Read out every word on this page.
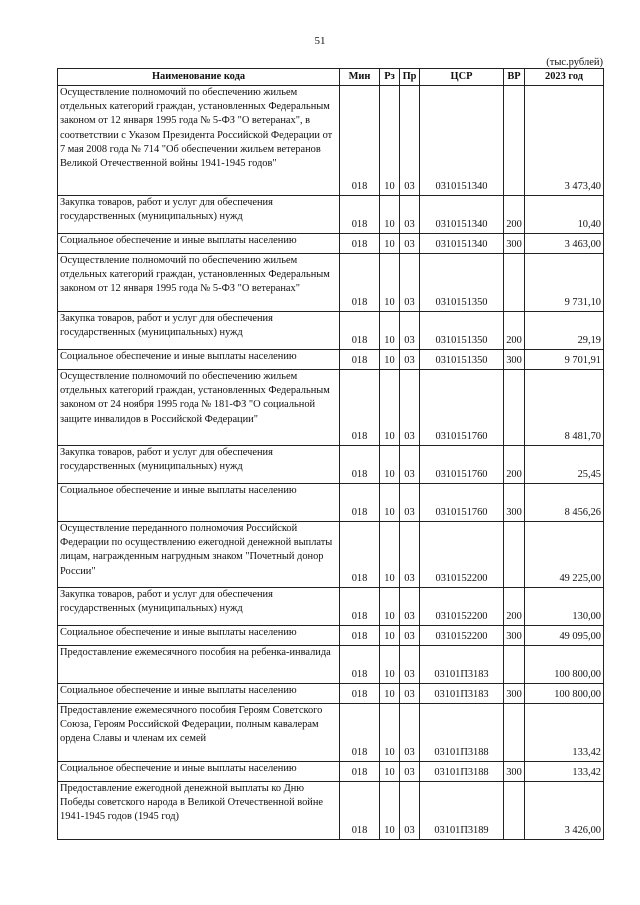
51
(тыс.рублей)
Наименование кода	Мин	Рз	Пр	ЦСР	ВР	2023 год
Осуществление полномочий по обеспечению жильем отдельных категорий граждан, установленных Федеральным законом от 12 января 1995 года № 5-ФЗ "О ветеранах", в соответствии с Указом Президента Российской Федерации от 7 мая 2008 года № 714 "Об обеспечении жильем ветеранов Великой Отечественной войны 1941-1945 годов"	018	10	03	0310151340		3 473,40
Закупка товаров, работ и услуг для обеспечения государственных (муниципальных) нужд	018	10	03	0310151340	200	10,40
Социальное обеспечение и иные выплаты населению	018	10	03	0310151340	300	3 463,00
Осуществление полномочий по обеспечению жильем отдельных категорий граждан, установленных Федеральным законом от 12 января 1995 года № 5-ФЗ "О ветеранах"	018	10	03	0310151350		9 731,10
Закупка товаров, работ и услуг для обеспечения государственных (муниципальных) нужд	018	10	03	0310151350	200	29,19
Социальное обеспечение и иные выплаты населению	018	10	03	0310151350	300	9 701,91
Осуществление полномочий по обеспечению жильем отдельных категорий граждан, установленных Федеральным законом от 24 ноября 1995 года № 181-ФЗ "О социальной защите инвалидов в Российской Федерации"	018	10	03	0310151760		8 481,70
Закупка товаров, работ и услуг для обеспечения государственных (муниципальных) нужд	018	10	03	0310151760	200	25,45
Социальное обеспечение и иные выплаты населению	018	10	03	0310151760	300	8 456,26
Осуществление переданного полномочия Российской Федерации по осуществлению ежегодной денежной выплаты лицам, награжденным нагрудным знаком "Почетный донор России"	018	10	03	0310152200		49 225,00
Закупка товаров, работ и услуг для обеспечения государственных (муниципальных) нужд	018	10	03	0310152200	200	130,00
Социальное обеспечение и иные выплаты населению	018	10	03	0310152200	300	49 095,00
Предоставление ежемесячного пособия на ребенка-инвалида	018	10	03	03101П3183		100 800,00
Социальное обеспечение и иные выплаты населению	018	10	03	03101П3183	300	100 800,00
Предоставление ежемесячного пособия Героям Советского Союза, Героям Российской Федерации, полным кавалерам ордена Славы и членам их семей	018	10	03	03101П3188		133,42
Социальное обеспечение и иные выплаты населению	018	10	03	03101П3188	300	133,42
Предоставление ежегодной денежной выплаты ко Дню Победы советского народа в Великой Отечественной войне 1941-1945 годов (1945 год)	018	10	03	03101П3189		3 426,00
